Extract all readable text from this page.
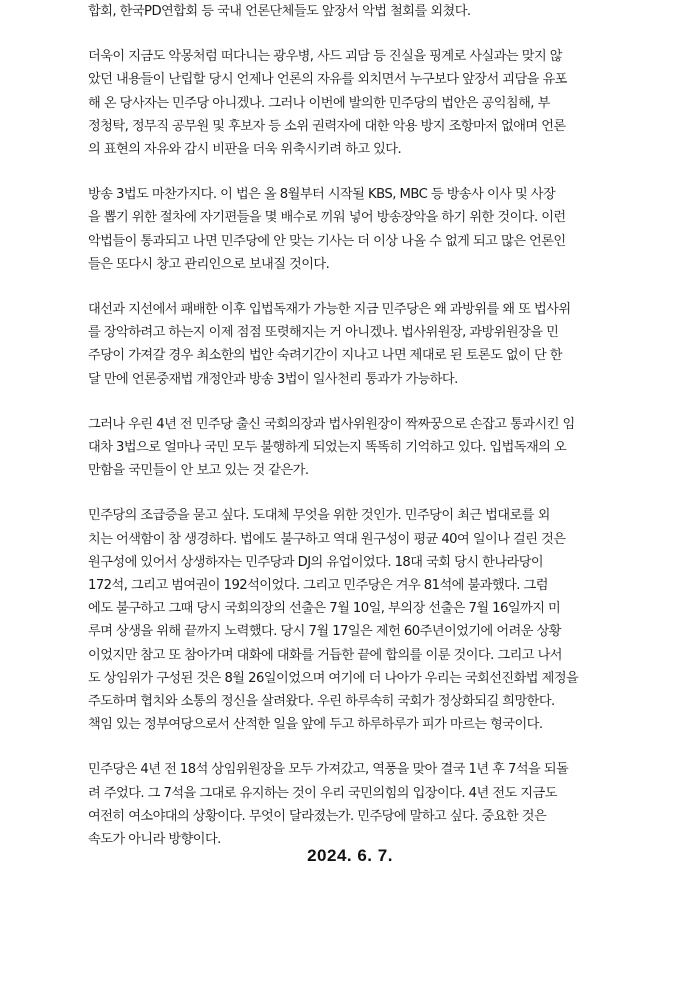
합회, 한국PD연합회 등 국내 언론단체들도 앞장서 악법 철회를 외쳤다.
더욱이 지금도 악몽처럼 떠다니는 광우병, 사드 괴담 등 진실을 핑계로 사실과는 맞지 않
았던 내용들이 난립할 당시 언제나 언론의 자유를 외치면서 누구보다 앞장서 괴담을 유포
해 온 당사자는 민주당 아니겠나. 그러나 이번에 발의한 민주당의 법안은 공익침해, 부
정청탁, 정무직 공무원 및 후보자 등 소위 권력자에 대한 악용 방지 조항마저 없애며 언론
의 표현의 자유와 감시 비판을 더욱 위축시키려 하고 있다.
방송 3법도 마찬가지다. 이 법은 올 8월부터 시작될 KBS, MBC 등 방송사 이사 및 사장
을 뽑기 위한 절차에 자기편들을 몇 배수로 끼워 넣어 방송장악을 하기 위한 것이다. 이런
악법들이 통과되고 나면 민주당에 안 맞는 기사는 더 이상 나올 수 없게 되고 많은 언론인
들은 또다시 창고 관리인으로 보내질 것이다.
대선과 지선에서 패배한 이후 입법독재가 가능한 지금 민주당은 왜 과방위를 왜 또 법사위
를 장악하려고 하는지 이제 점점 또렷해지는 거 아니겠나. 법사위원장, 과방위원장을 민
주당이 가져갈 경우 최소한의 법안 숙려기간이 지나고 나면 제대로 된 토론도 없이 단 한
달 만에 언론중재법 개정안과 방송 3법이 일사천리 통과가 가능하다.
그러나 우린 4년 전 민주당 출신 국회의장과 법사위원장이 짝짜꿍으로 손잡고 통과시킨 임
대차 3법으로 얼마나 국민 모두 불행하게 되었는지 똑똑히 기억하고 있다. 입법독재의 오
만함을 국민들이 안 보고 있는 것 같은가.
민주당의 조급증을 묻고 싶다. 도대체 무엇을 위한 것인가. 민주당이 최근 법대로를 외
치는 어색함이 참 생경하다. 법에도 불구하고 역대 원구성이 평균 40여 일이나 걸린 것은
원구성에 있어서 상생하자는 민주당과 DJ의 유업이었다. 18대 국회 당시 한나라당이
172석, 그리고 범여권이 192석이었다. 그리고 민주당은 겨우 81석에 불과했다. 그럼
에도 불구하고 그때 당시 국회의장의 선출은 7월 10일, 부의장 선출은 7월 16일까지 미
루며 상생을 위해 끝까지 노력했다. 당시 7월 17일은 제헌 60주년이었기에 어려운 상황
이었지만 참고 또 참아가며 대화에 대화를 거듭한 끝에 합의를 이룬 것이다. 그리고 나서
도 상임위가 구성된 것은 8월 26일이었으며 여기에 더 나아가 우리는 국회선진화법 제정을
주도하며 협치와 소통의 정신을 살려왔다. 우린 하루속히 국회가 정상화되길 희망한다.
책임 있는 정부여당으로서 산적한 일을 앞에 두고 하루하루가 피가 마르는 형국이다.
민주당은 4년 전 18석 상임위원장을 모두 가져갔고, 역풍을 맞아 결국 1년 후 7석을 되돌
려 주었다. 그 7석을 그대로 유지하는 것이 우리 국민의힘의 입장이다. 4년 전도 지금도
여전히 여소야대의 상황이다. 무엇이 달라졌는가. 민주당에 말하고 싶다. 중요한 것은
속도가 아니라 방향이다.
2024. 6. 7.
